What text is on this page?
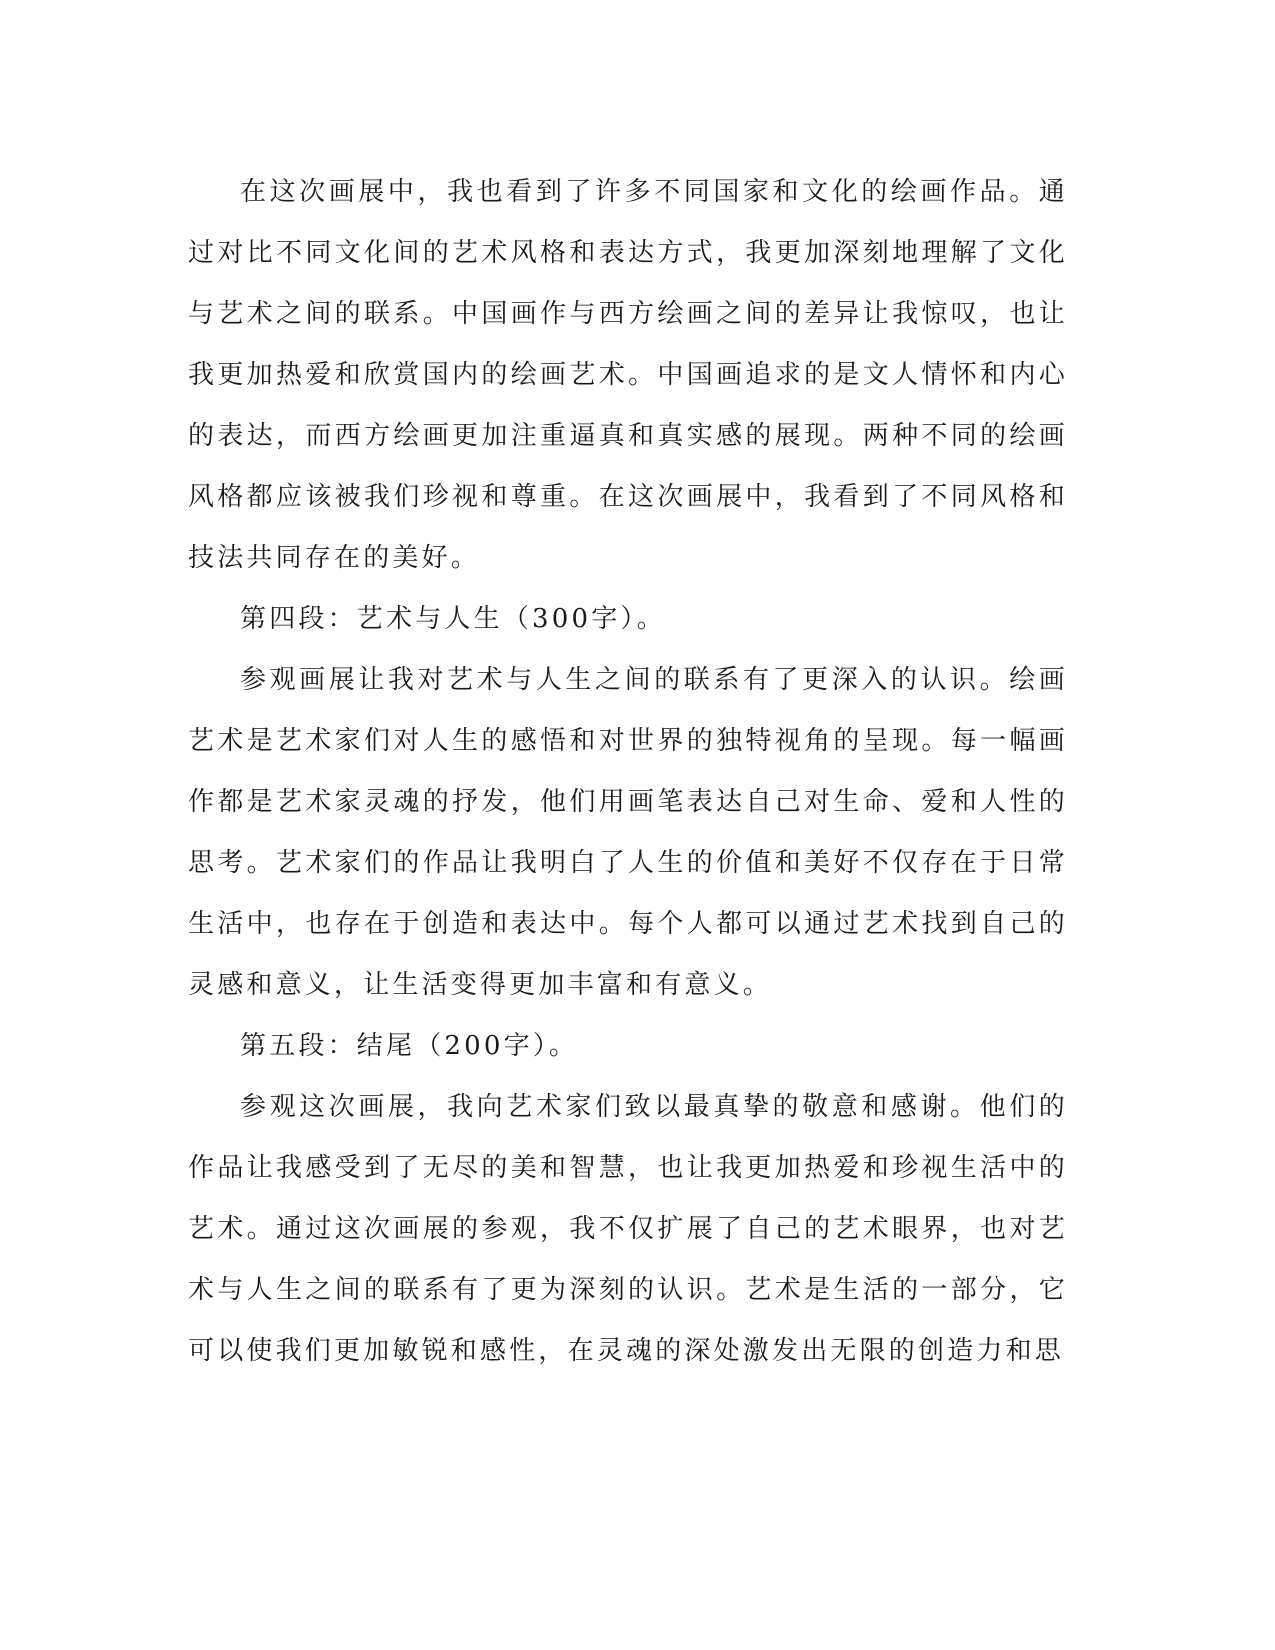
在这次画展中，我也看到了许多不同国家和文化的绘画作品。通过对比不同文化间的艺术风格和表达方式，我更加深刻地理解了文化与艺术之间的联系。中国画作与西方绘画之间的差异让我惊叹，也让我更加热爱和欣赏国内的绘画艺术。中国画追求的是文人情怀和内心的表达，而西方绘画更加注重逼真和真实感的展现。两种不同的绘画风格都应该被我们珍视和尊重。在这次画展中，我看到了不同风格和技法共同存在的美好。

第四段：艺术与人生（300字）。

参观画展让我对艺术与人生之间的联系有了更深入的认识。绘画艺术是艺术家们对人生的感悟和对世界的独特视角的呈现。每一幅画作都是艺术家灵魂的抒发，他们用画笔表达自己对生命、爱和人性的思考。艺术家们的作品让我明白了人生的价值和美好不仅存在于日常生活中，也存在于创造和表达中。每个人都可以通过艺术找到自己的灵感和意义，让生活变得更加丰富和有意义。

第五段：结尾（200字）。

参观这次画展，我向艺术家们致以最真挚的敬意和感谢。他们的作品让我感受到了无尽的美和智慧，也让我更加热爱和珍视生活中的艺术。通过这次画展的参观，我不仅扩展了自己的艺术眼界，也对艺术与人生之间的联系有了更为深刻的认识。艺术是生活的一部分，它可以使我们更加敏锐和感性，在灵魂的深处激发出无限的创造力和思
